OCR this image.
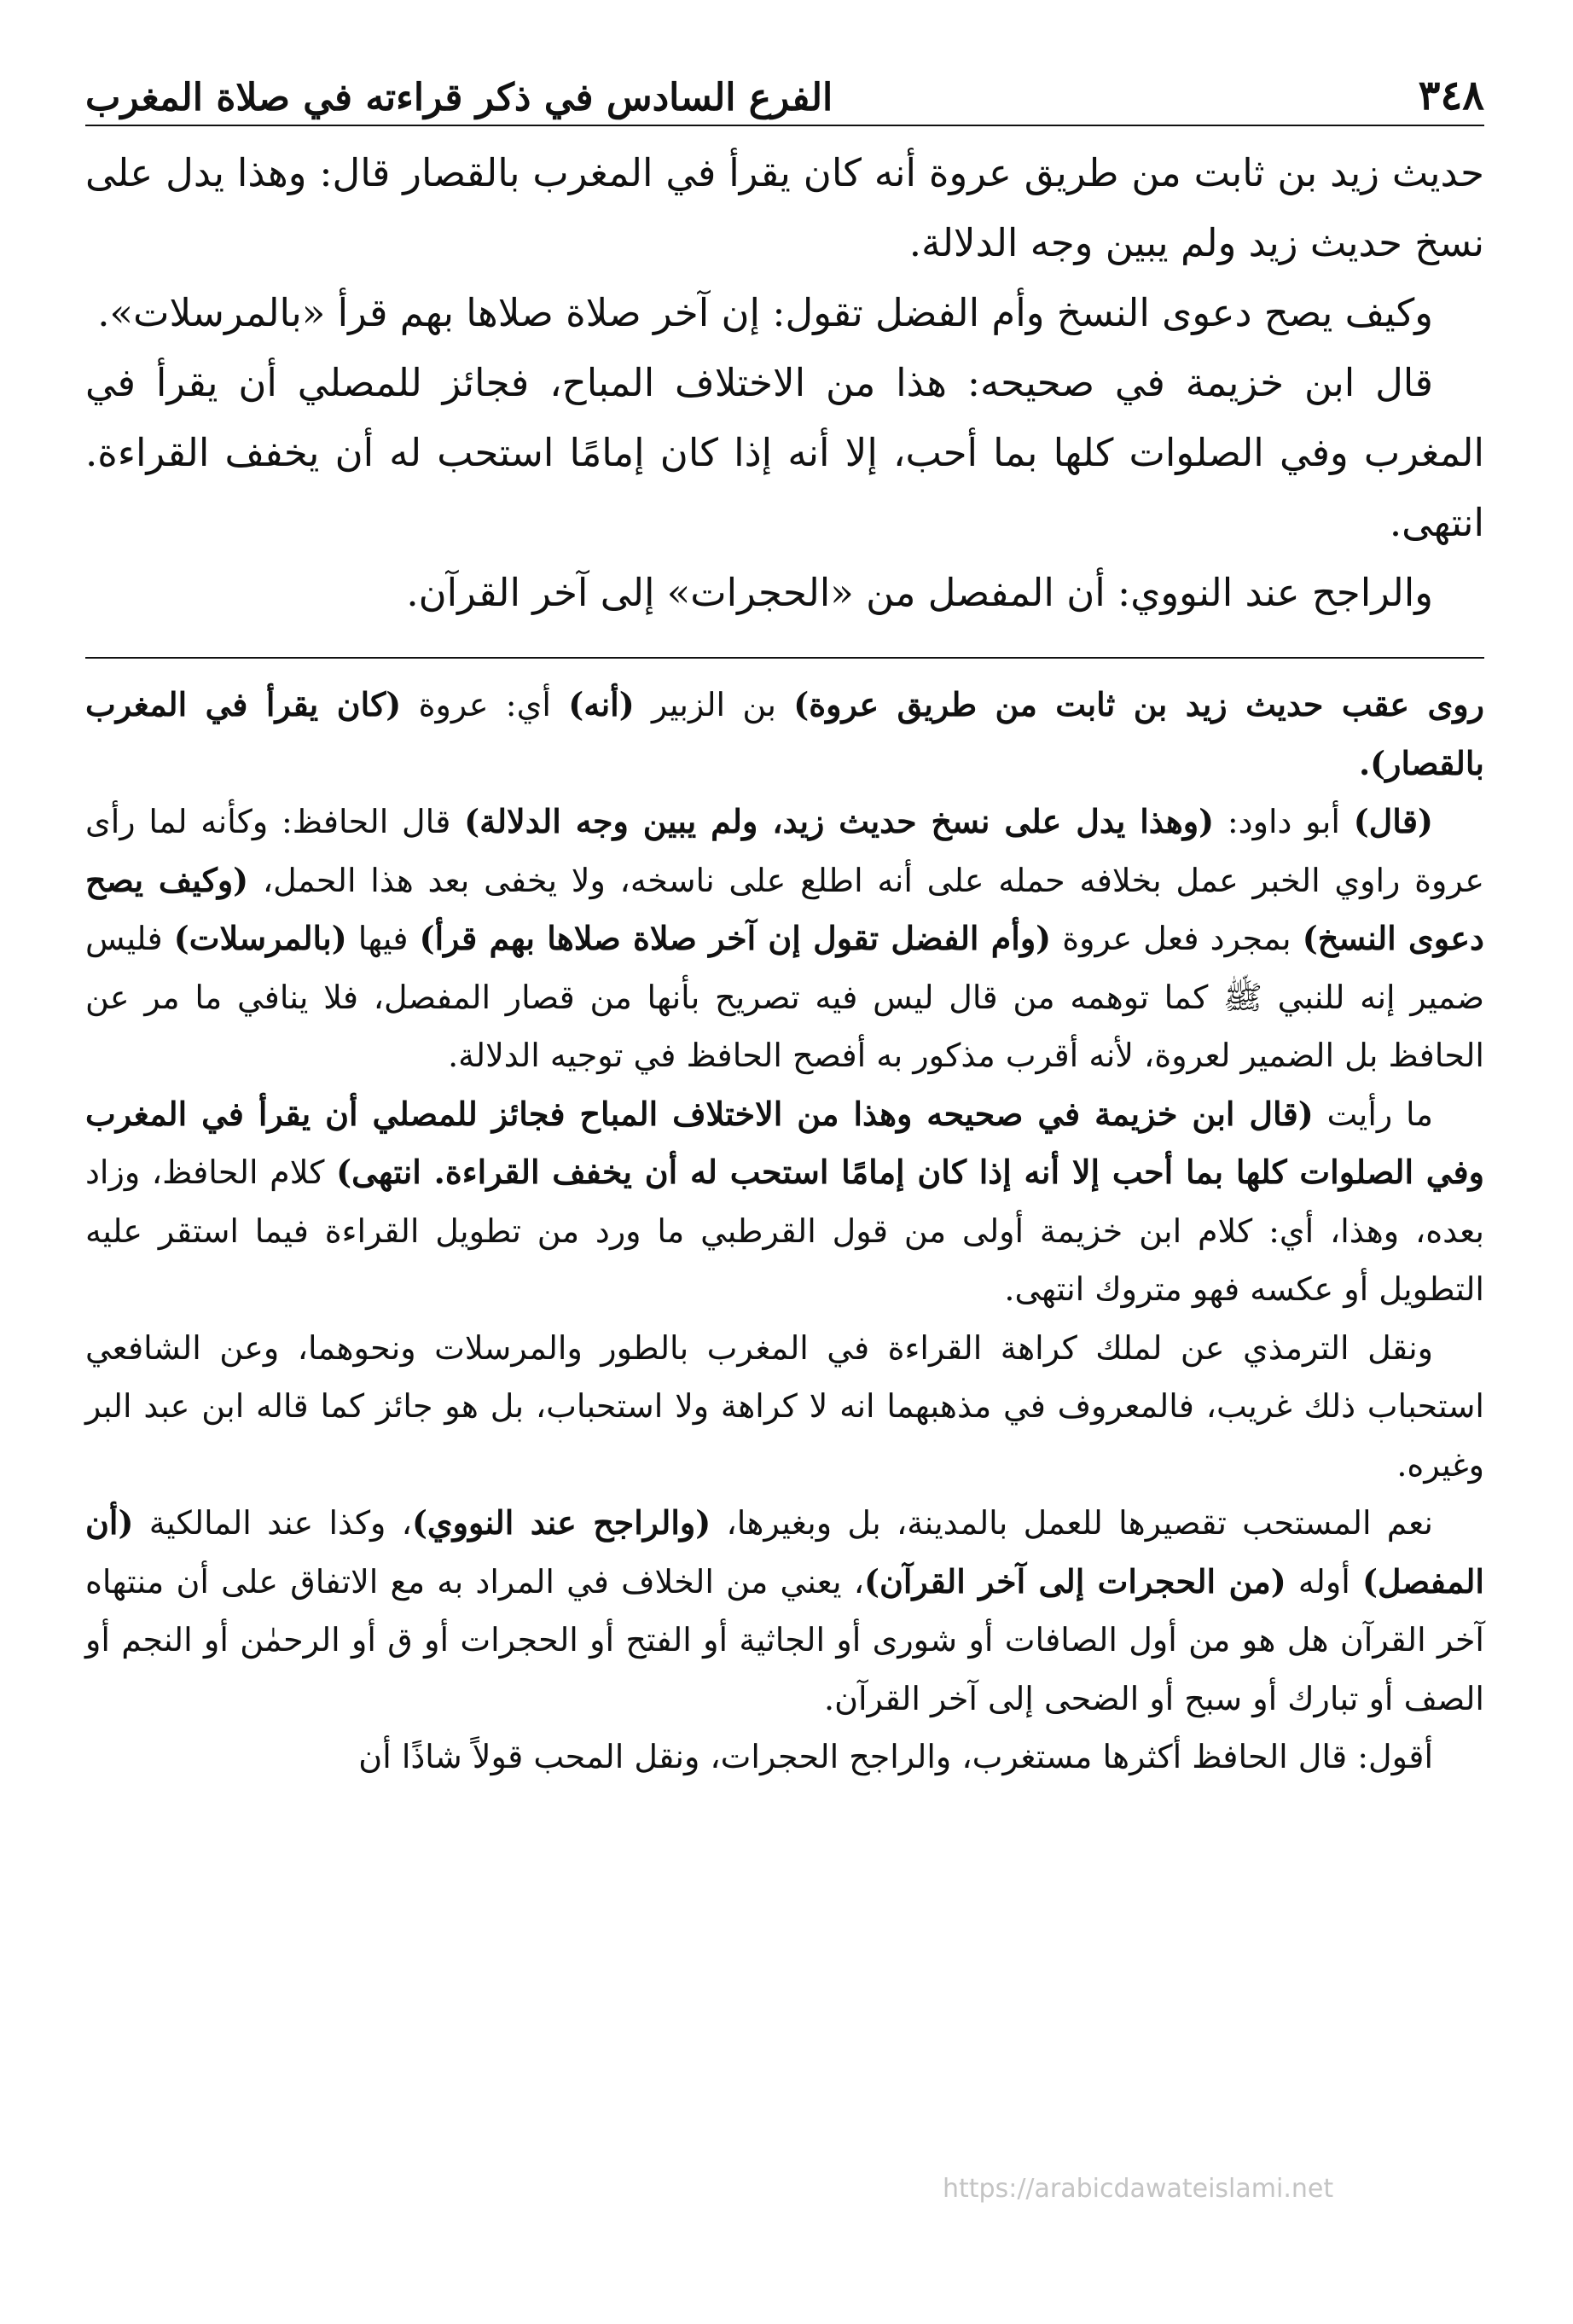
٣٤٨
الفرع السادس في ذكر قراءته في صلاة المغرب

حديث زيد بن ثابت من طريق عروة أنه كان يقرأ في المغرب بالقصار قال: وهذا يدل على نسخ حديث زيد ولم يبين وجه الدلالة.

وكيف يصح دعوى النسخ وأم الفضل تقول: إن آخر صلاة صلاها بهم قرأ «بالمرسلات».

قال ابن خزيمة في صحيحه: هذا من الاختلاف المباح، فجائز للمصلي أن يقرأ في المغرب وفي الصلوات كلها بما أحب، إلا أنه إذا كان إمامًا استحب له أن يخفف القراءة. انتهى.

والراجح عند النووي: أن المفصل من «الحجرات» إلى آخر القرآن.

روى عقب حديث زيد بن ثابت من طريق عروة) بن الزبير (أنه) أي: عروة (كان يقرأ في المغرب بالقصار).

(قال) أبو داود: (وهذا يدل على نسخ حديث زيد، ولم يبين وجه الدلالة) قال الحافظ: وكأنه لما رأى عروة راوي الخبر عمل بخلافه حمله على أنه اطلع على ناسخه، ولا يخفى بعد هذا الحمل، (وكيف يصح دعوى النسخ) بمجرد فعل عروة (وأم الفضل تقول إن آخر صلاة صلاها بهم قرأ) فيها (بالمرسلات) فليس ضمير إنه للنبي ﷺ كما توهمه من قال ليس فيه تصريح بأنها من قصار المفصل، فلا ينافي ما مر عن الحافظ بل الضمير لعروة، لأنه أقرب مذكور به أفصح الحافظ في توجيه الدلالة.

ما رأيت (قال ابن خزيمة في صحيحه وهذا من الاختلاف المباح فجائز للمصلي أن يقرأ في المغرب وفي الصلوات كلها بما أحب إلا أنه إذا كان إمامًا استحب له أن يخفف القراءة. انتهى) كلام الحافظ، وزاد بعده، وهذا، أي: كلام ابن خزيمة أولى من قول القرطبي ما ورد من تطويل القراءة فيما استقر عليه التطويل أو عكسه فهو متروك انتهى.

ونقل الترمذي عن لملك كراهة القراءة في المغرب بالطور والمرسلات ونحوهما، وعن الشافعي استحباب ذلك غريب، فالمعروف في مذهبهما انه لا كراهة ولا استحباب، بل هو جائز كما قاله ابن عبد البر وغيره.

نعم المستحب تقصيرها للعمل بالمدينة، بل وبغيرها، (والراجح عند النووي)، وكذا عند المالكية (أن المفصل) أوله (من الحجرات إلى آخر القرآن)، يعني من الخلاف في المراد به مع الاتفاق على أن منتهاه آخر القرآن هل هو من أول الصافات أو شورى أو الجاثية أو الفتح أو الحجرات أو ق أو الرحمٰن أو النجم أو الصف أو تبارك أو سبح أو الضحى إلى آخر القرآن.

أقول: قال الحافظ أكثرها مستغرب، والراجح الحجرات، ونقل المحب قولاً شاذًا أن

https://arabicdawateislami.net
